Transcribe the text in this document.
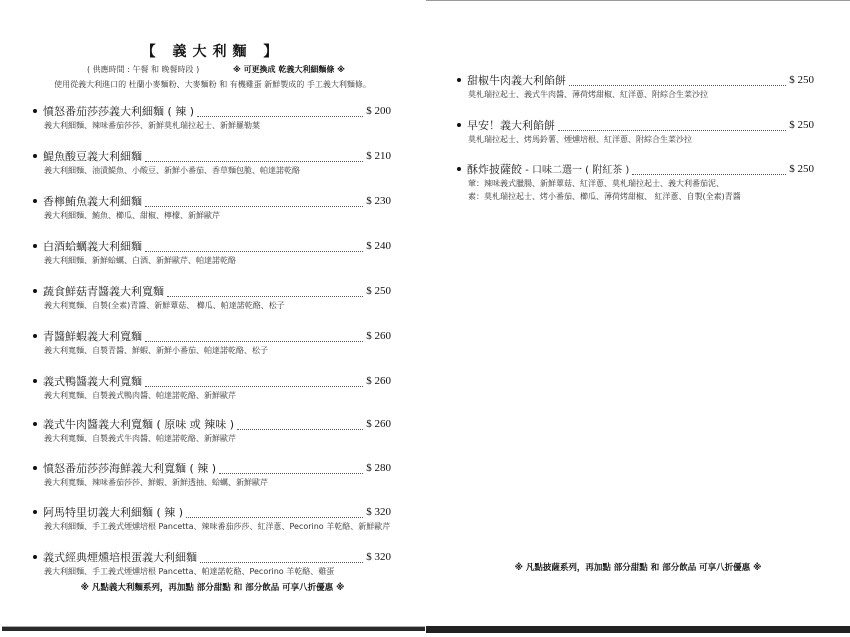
【 義大利麵 】
( 供應時間 : 午餐 和 晚餐時段 )	※ 可更換成 乾義大利細麵條 ※
使用從義大利進口的 杜蘭小麥麵粉、大麥麵粉 和 有機雞蛋 新鮮製成的 手工義大利麵條。
憤怒番茄莎莎義大利細麵 ( 辣 )	$ 200
義大利細麵、辣味番茄莎莎、新鮮莫札瑞拉起士、新鮮羅勒葉
鯷魚酸豆義大利細麵	$ 210
義大利細麵、油漬鯷魚、小酸豆、新鮮小番茄、香草麵包脆、帕達諾乾酪
香檸鮪魚義大利細麵	$ 230
義大利細麵、鮪魚、櫛瓜、甜椒、檸檬、新鮮歐芹
白酒蛤蠣義大利細麵	$ 240
義大利細麵、新鮮蛤蠣、白酒、新鮮歐芹、帕達諾乾酪
蔬食鮮菇青醬義大利寬麵	$ 250
義大利寬麵、自製(全素)青醬、新鮮蕈菇、 櫛瓜、帕達諾乾酪、松子
青醬鮮蝦義大利寬麵	$ 260
義大利寬麵、自製青醬、鮮蝦、新鮮小番茄、帕達諾乾酪、松子
義式鴨醬義大利寬麵	$ 260
義大利寬麵、自製義式鴨肉醬、帕達諾乾酪、新鮮歐芹
義式牛肉醬義大利寬麵 ( 原味 或 辣味 )	$ 260
義大利寬麵、自製義式牛肉醬、帕達諾乾酪、新鮮歐芹
憤怒番茄莎莎海鮮義大利寬麵 ( 辣 )	$ 280
義大利寬麵、辣味番茄莎莎、鮮蝦、新鮮透抽、蛤蠣、新鮮歐芹
阿馬特里切義大利細麵 ( 辣 )	$ 320
義大利細麵、手工義式煙燻培根 Pancetta、辣味番茄莎莎、紅洋蔥、Pecorino 羊乾酪、新鮮歐芹
義式經典煙燻培根蛋義大利細麵	$ 320
義大利細麵、手工義式煙燻培根 Pancetta、帕達諾乾酪、Pecorino 羊乾酪、雞蛋
※ 凡點義大利麵系列，再加點 部分甜點 和 部分飲品 可享八折優惠 ※
甜椒牛肉義大利餡餅	$ 250
莫札瑞拉起士、義式牛肉醬、薄荷烤甜椒、紅洋蔥、附綜合生菜沙拉
早安！義大利餡餅	$ 250
莫札瑞拉起士、烤馬鈴薯、煙燻培根、紅洋蔥、附綜合生菜沙拉
酥炸披薩餃 - 口味二選一 ( 附紅茶 )	$ 250
葷：辣味義式臘腸、新鮮蕈菇、紅洋蔥、莫札瑞拉起士、義大利番茄泥、
素：莫札瑞拉起士、烤小番茄、櫛瓜、薄荷烤甜椒、 紅洋蔥、自製(全素)青醬
※ 凡點披薩系列，再加點 部分甜點 和 部分飲品 可享八折優惠 ※
